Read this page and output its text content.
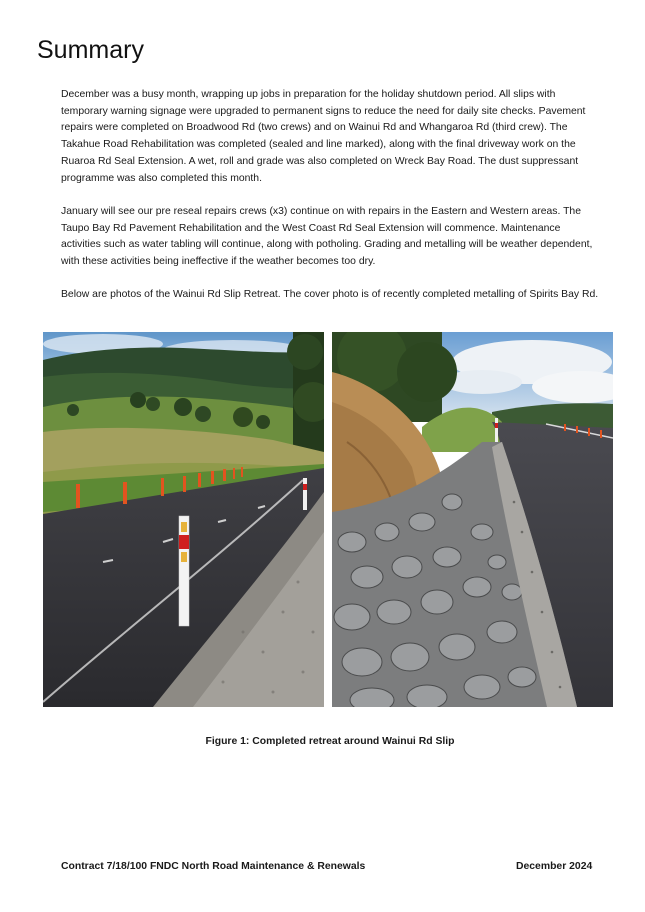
Summary

December was a busy month, wrapping up jobs in preparation for the holiday shutdown period. All slips with temporary warning signage were upgraded to permanent signs to reduce the need for daily site checks. Pavement repairs were completed on Broadwood Rd (two crews) and on Wainui Rd and Whangaroa Rd (third crew). The Takahue Road Rehabilitation was completed (sealed and line marked), along with the final driveway work on the Ruaroa Rd Seal Extension. A wet, roll and grade was also completed on Wreck Bay Road. The dust suppressant programme was also completed this month.

January will see our pre reseal repairs crews (x3) continue on with repairs in the Eastern and Western areas. The Taupo Bay Rd Pavement Rehabilitation and the West Coast Rd Seal Extension will commence. Maintenance activities such as water tabling will continue, along with potholing. Grading and metalling will be weather dependent, with these activities being ineffective if the weather becomes too dry.

Below are photos of the Wainui Rd Slip Retreat. The cover photo is of recently completed metalling of Spirits Bay Rd.

Figure 1: Completed retreat around Wainui Rd Slip
Contract 7/18/100 FNDC North Road Maintenance & Renewals	December 2024
